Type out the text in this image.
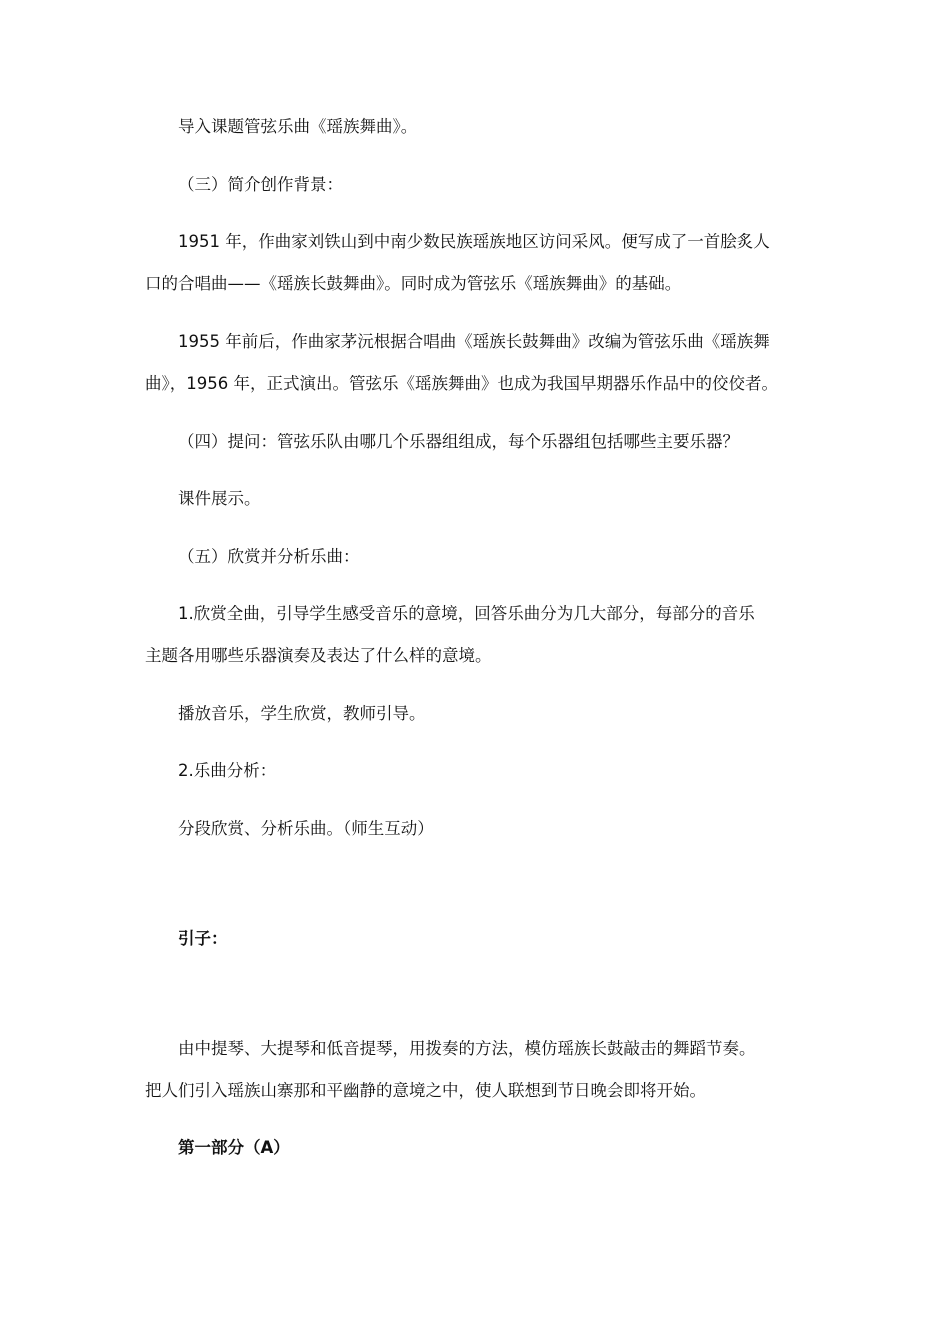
导入课题管弦乐曲《瑶族舞曲》。

（三）简介创作背景：

1951 年，作曲家刘铁山到中南少数民族瑶族地区访问采风。便写成了一首脍炙人
口的合唱曲——《瑶族长鼓舞曲》。同时成为管弦乐《瑶族舞曲》的基础。
1955 年前后，作曲家茅沅根据合唱曲《瑶族长鼓舞曲》改编为管弦乐曲《瑶族舞
曲》，1956 年，正式演出。管弦乐《瑶族舞曲》也成为我国早期器乐作品中的佼佼者。

（四）提问：管弦乐队由哪几个乐器组组成，每个乐器组包括哪些主要乐器？

课件展示。

（五）欣赏并分析乐曲：

1.欣赏全曲，引导学生感受音乐的意境，回答乐曲分为几大部分，每部分的音乐
主题各用哪些乐器演奏及表达了什么样的意境。

播放音乐，学生欣赏，教师引导。

2.乐曲分析：

分段欣赏、分析乐曲。（师生互动）

引子：

由中提琴、大提琴和低音提琴，用拨奏的方法，模仿瑶族长鼓敲击的舞蹈节奏。
把人们引入瑶族山寨那和平幽静的意境之中，使人联想到节日晚会即将开始。

第一部分（A）
